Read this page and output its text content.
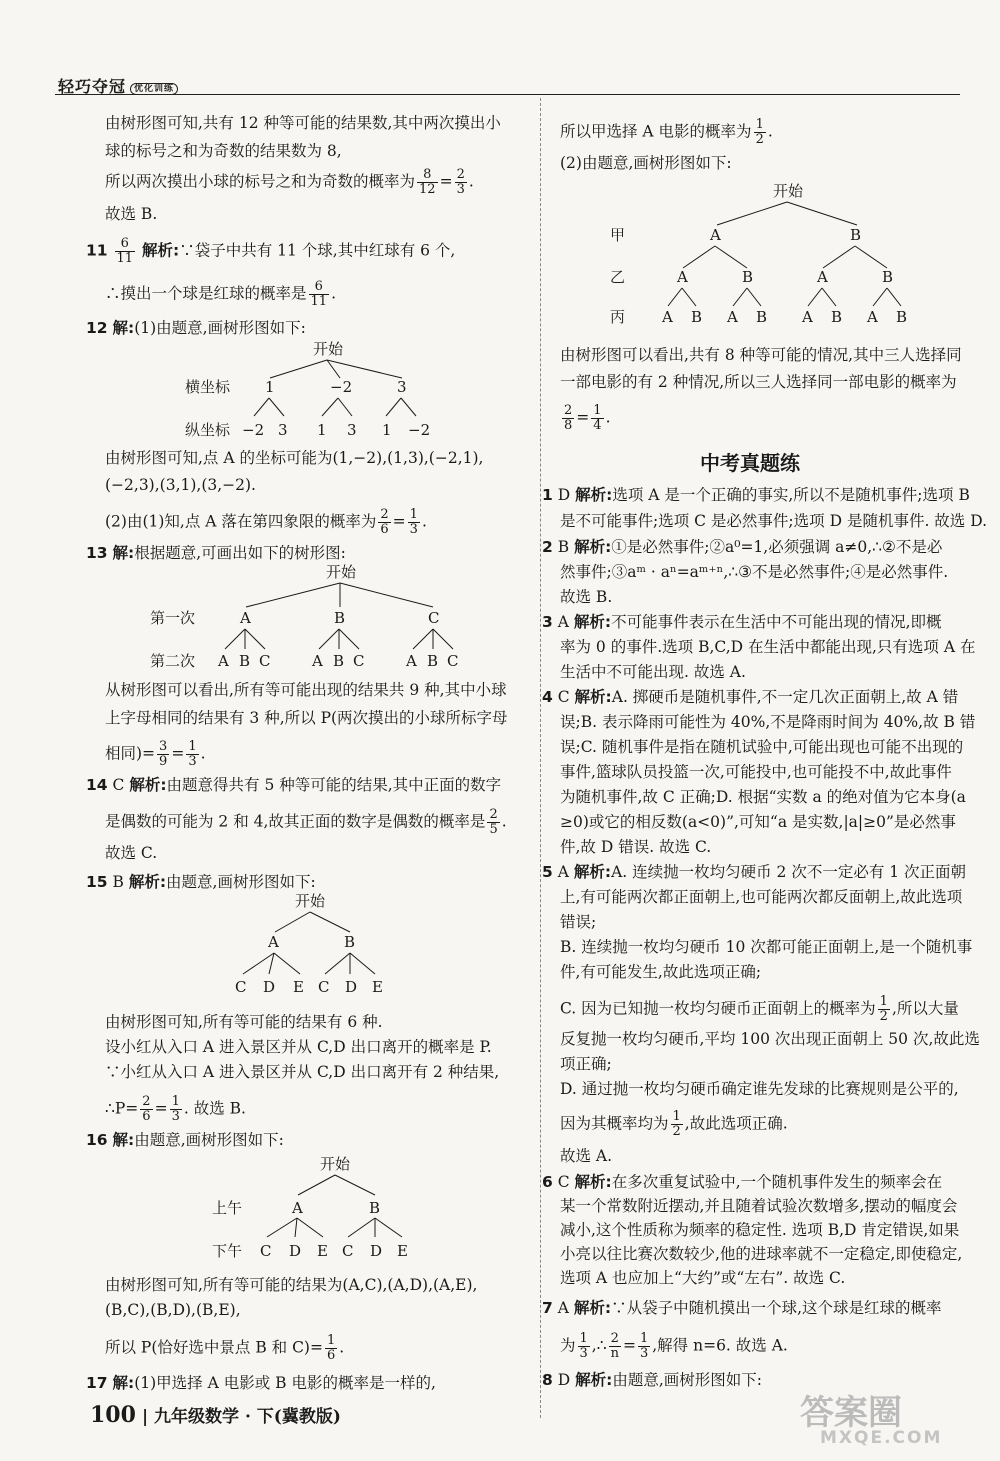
轻巧夺冠 优化训练
由树形图可知,共有 12 种等可能的结果数,其中两次摸出小
球的标号之和为奇数的结果数为 8,
所以两次摸出小球的标号之和为奇数的概率为 $\frac{8}{12} = \frac{2}{3}$ .
故选 B.
$11 \frac{6}{11}$ 解析:∵袋子中共有 11 个球,其中红球有 6 个,
∴摸出一个球是红球的概率是 $\frac{6}{11}$ .
12 解:(1)由题意,画树形图如下:
开始
横坐标 1	−2	3
纵坐标 −2 3 1 3 1 −2
由树形图可知,点 A 的坐标可能为(1,−2),(1,3),(−2,1),
(−2,3),(3,1),(3,−2).
(2)由(1)知,点 A 落在第四象限的概率为 $\frac{2}{6} = \frac{1}{3}$ .
13 解:根据题意,可画出如下的树形图:
开始
第一次	A	B	C
第二次 A B C	A B C	A B C
从树形图可以看出,所有等可能出现的结果共 9 种,其中小球
上字母相同的结果有 3 种,所以 P(两次摸出的小球所标字母
相同)= $\frac{3}{9} = \frac{1}{3}$ .
14 C 解析:由题意得共有 5 种等可能的结果,其中正面的数字
是偶数的可能为 2 和 4,故其正面的数字是偶数的概率是 $\frac{2}{5}$ .
故选 C.
15 B 解析:由题意,画树形图如下:
开始
A	B
C D E C D E
由树形图可知,所有等可能的结果有 6 种.
设小红从入口 A 进入景区并从 C,D 出口离开的概率是 P.
∵小红从入口 A 进入景区并从 C,D 出口离开有 2 种结果,
∴P= $\frac{2}{6} = \frac{1}{3}$ . 故选 B.
16 解:由题意,画树形图如下:
开始
上午	A	B
下午 C D E C D E
由树形图可知,所有等可能的结果为(A,C),(A,D),(A,E),
(B,C),(B,D),(B,E),
所以 P(恰好选中景点 B 和 $C)= \frac{1}{6}$ .
17 解:(1)甲选择 A 电影或 B 电影的概率是一样的,
100 | 九年级数学 · 下(冀教版)
所以甲选择 A 电影的概率为 $\frac{1}{2}$ .
(2)由题意,画树形图如下:
开始
甲	A	B
乙	A	B	A	B
丙 A B A B A B A B
由树形图可以看出,共有 8 种等可能的情况,其中三人选择同
一部电影的有 2 种情况,所以三人选择同一部电影的概率为
$\frac{2}{8} = \frac{1}{4}$ .
中考真题练
1 D 解析:选项 A 是一个正确的事实,所以不是随机事件;选项 B
是不可能事件;选项 C 是必然事件;选项 D 是随机事件. 故选 D.
2 B 解析:①是必然事件;②a⁰=1,必须强调 a≠0,∴②不是必
然事件;③aᵐ · aⁿ=aᵐ⁺ⁿ,∴③不是必然事件;④是必然事件.
故选 B.
3 A 解析:不可能事件表示在生活中不可能出现的情况,即概
率为 0 的事件.选项 B,C,D 在生活中都能出现,只有选项 A 在
生活中不可能出现. 故选 A.
4 C 解析:A. 掷硬币是随机事件,不一定几次正面朝上,故 A 错
误;B. 表示降雨可能性为 40%,不是降雨时间为 40%,故 B 错
误;C. 随机事件是指在随机试验中,可能出现也可能不出现的
事件,篮球队员投篮一次,可能投中,也可能投不中,故此事件
为随机事件,故 C 正确;D. 根据“实数 a 的绝对值为它本身(a
≥0)或它的相反数(a<0)”,可知“a 是实数,|a|≥0”是必然事
件,故 D 错误. 故选 C.
5 A 解析:A. 连续抛一枚均匀硬币 2 次不一定必有 1 次正面朝
上,有可能两次都正面朝上,也可能两次都反面朝上,故此选项
错误;
B. 连续抛一枚均匀硬币 10 次都可能正面朝上,是一个随机事
件,有可能发生,故此选项正确;
C. 因为已知抛一枚均匀硬币正面朝上的概率为 $\frac{1}{2}$ ,所以大量
反复抛一枚均匀硬币,平均 100 次出现正面朝上 50 次,故此选
项正确;
D. 通过抛一枚均匀硬币确定谁先发球的比赛规则是公平的,
因为其概率均为 $\frac{1}{2}$ ,故此选项正确.
故选 A.
6 C 解析:在多次重复试验中,一个随机事件发生的频率会在
某一个常数附近摆动,并且随着试验次数增多,摆动的幅度会
减小,这个性质称为频率的稳定性. 选项 B,D 肯定错误,如果
小亮以往比赛次数较少,他的进球率就不一定稳定,即使稳定,
选项 A 也应加上“大约”或“左右”. 故选 C.
7 A 解析:∵从袋子中随机摸出一个球,这个球是红球的概率
为 $\frac{1}{3}$ ,∴ $\frac{2}{n} = \frac{1}{3}$ ,解得 n=6. 故选 A.
8 D 解析:由题意,画树形图如下:
答案圈
MXQE.COM
